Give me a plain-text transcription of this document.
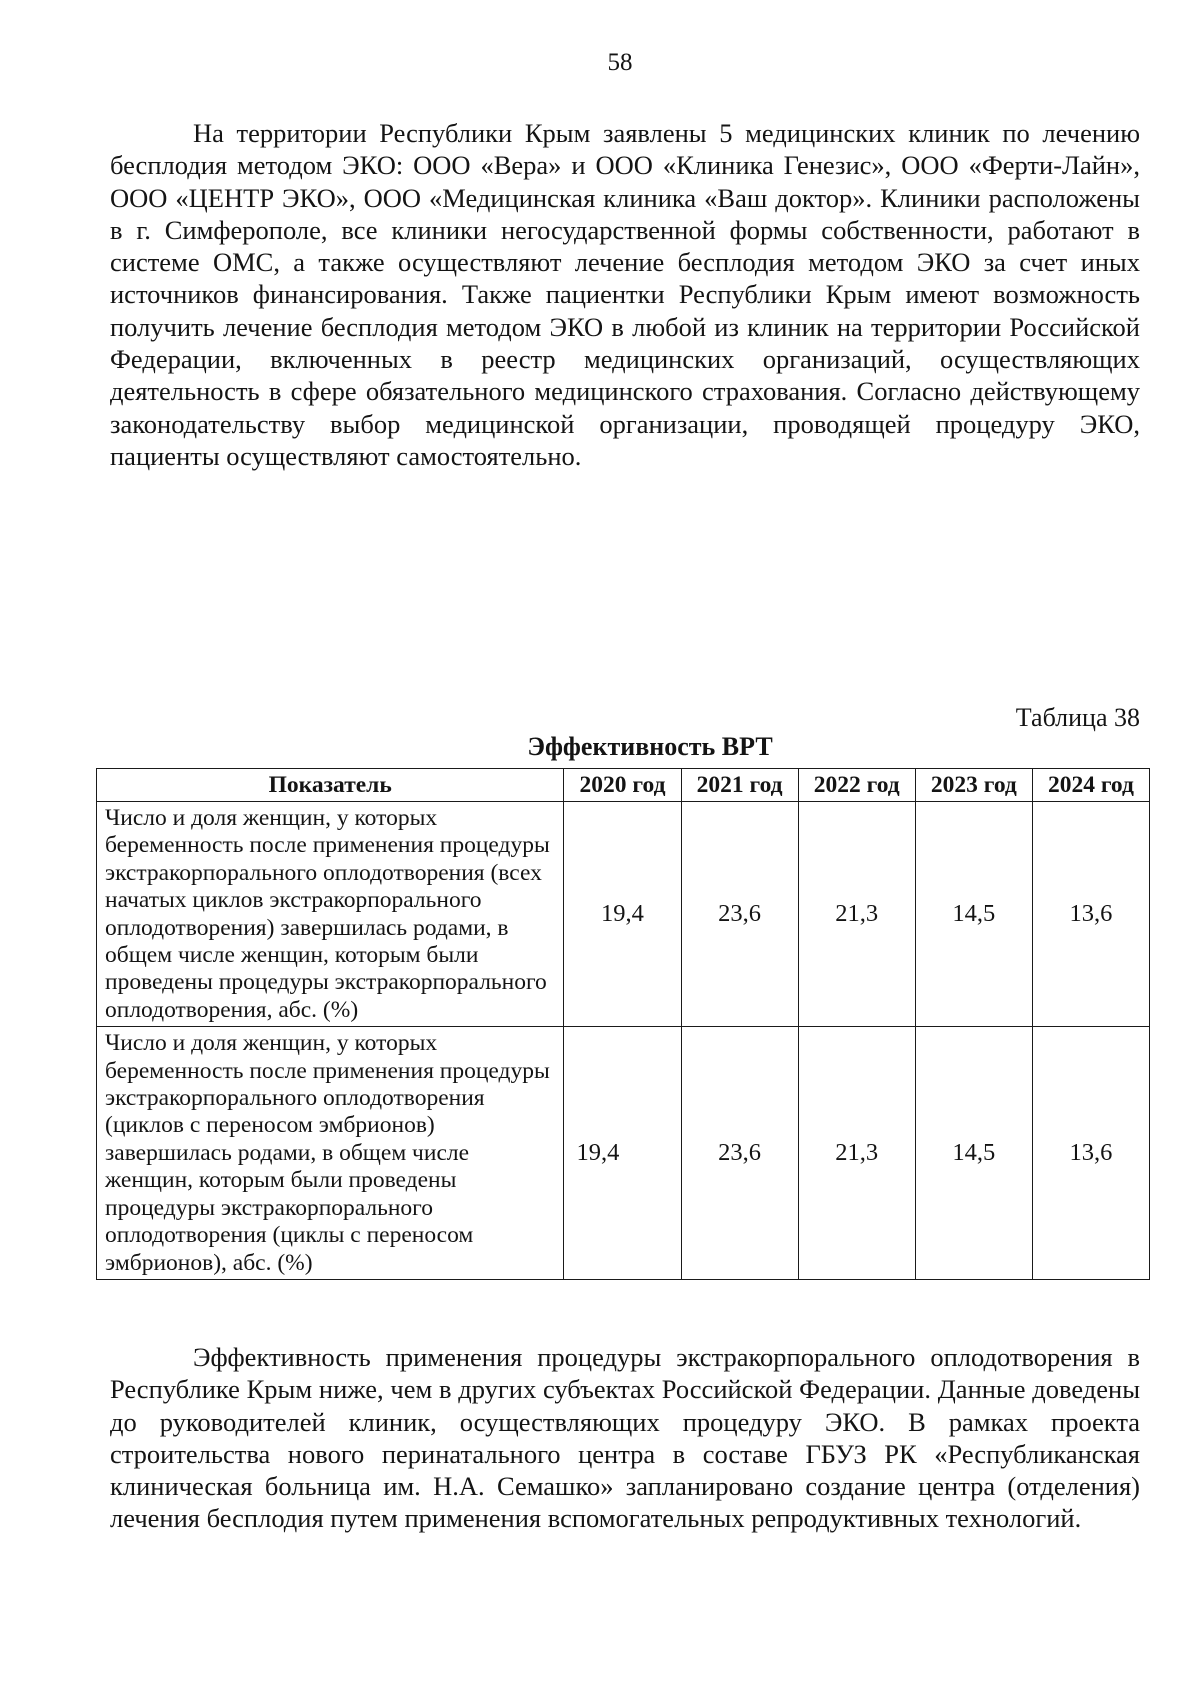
58

На территории Республики Крым заявлены 5 медицинских клиник по лечению бесплодия методом ЭКО: ООО «Вера» и ООО «Клиника Генезис», ООО «Ферти-Лайн», ООО «ЦЕНТР ЭКО», ООО «Медицинская клиника «Ваш доктор». Клиники расположены в г. Симферополе, все клиники негосударственной формы собственности, работают в системе ОМС, а также осуществляют лечение бесплодия методом ЭКО за счет иных источников финансирования. Также пациентки Республики Крым имеют возможность получить лечение бесплодия методом ЭКО в любой из клиник на территории Российской Федерации, включенных в реестр медицинских организаций, осуществляющих деятельность в сфере обязательного медицинского страхования. Согласно действующему законодательству выбор медицинской организации, проводящей процедуру ЭКО, пациенты осуществляют самостоятельно.

Таблица 38
Эффективность ВРТ
Показатель	2020 год	2021 год	2022 год	2023 год	2024 год
Число и доля женщин, у которых беременность после применения процедуры экстракорпорального оплодотворения (всех начатых циклов экстракорпорального оплодотворения) завершилась родами, в общем числе женщин, которым были проведены процедуры экстракорпорального оплодотворения, абс. (%)	19,4	23,6	21,3	14,5	13,6
Число и доля женщин, у которых беременность после применения процедуры экстракорпорального оплодотворения (циклов с переносом эмбрионов) завершилась родами, в общем числе женщин, которым были проведены процедуры экстракорпорального оплодотворения (циклы с переносом эмбрионов), абс. (%)	19,4	23,6	21,3	14,5	13,6

Эффективность применения процедуры экстракорпорального оплодотворения в Республике Крым ниже, чем в других субъектах Российской Федерации. Данные доведены до руководителей клиник, осуществляющих процедуру ЭКО. В рамках проекта строительства нового перинатального центра в составе ГБУЗ РК «Республиканская клиническая больница им. Н.А. Семашко» запланировано создание центра (отделения) лечения бесплодия путем применения вспомогательных репродуктивных технологий.
